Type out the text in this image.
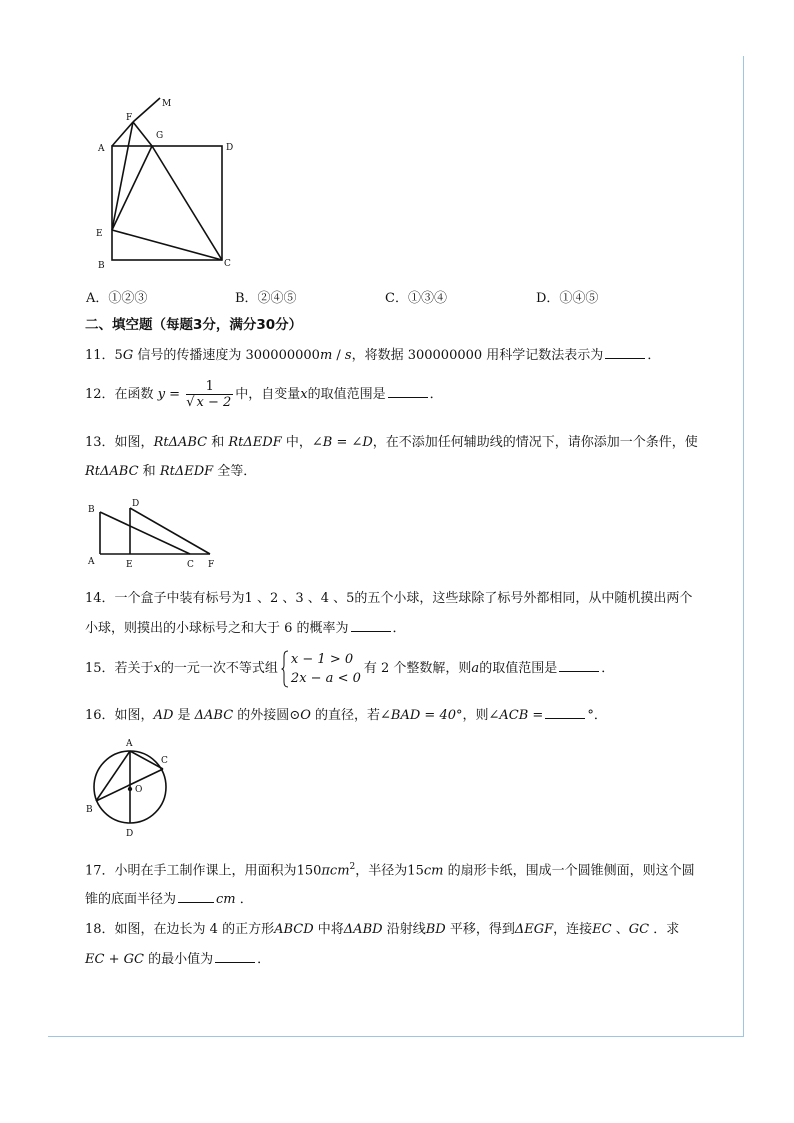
M
F
G
A	D
E
B	C
A．①②③	B．②④⑤	C．①③④	D．①④⑤
二、填空题（每题3分，满分30分）
11．5G 信号的传播速度为 300000000m / s，将数据 300000000 用科学记数法表示为	．
12．在函数 $y = \frac{1}{√ x - 2}$ 中，自变量x的取值范围是	．
13．如图，RtΔABC 和 RtΔEDF 中，∠B = ∠D，在不添加任何辅助线的情况下，请你添加一个条件，使
RtΔABC 和 RtΔEDF 全等．
B
D
A	E	C F
14．一个盒子中装有标号为1 、2 、3 、4 、5的五个小球，这些球除了标号外都相同，从中随机摸出两个
小球，则摸出的小球标号之和大于 6 的概率为	．
15．若关于x的一元一次不等式组
x − 1 > 0
2x − a < 0
有 2 个整数解，则a的取值范围是	．
16．如图，AD 是 ΔABC 的外接圆⊙O 的直径，若∠BAD = 40°，则∠ACB =	°．
A
C
O
B
D
17．小明在手工制作课上，用面积为150πcm$^2$，半径为15cm 的扇形卡纸，围成一个圆锥侧面，则这个圆
锥的底面半径为	cm ．
18．如图，在边长为 4 的正方形ABCD 中将ΔABD 沿射线BD 平移，得到ΔEGF，连接EC 、GC ．求
EC + GC 的最小值为	．
